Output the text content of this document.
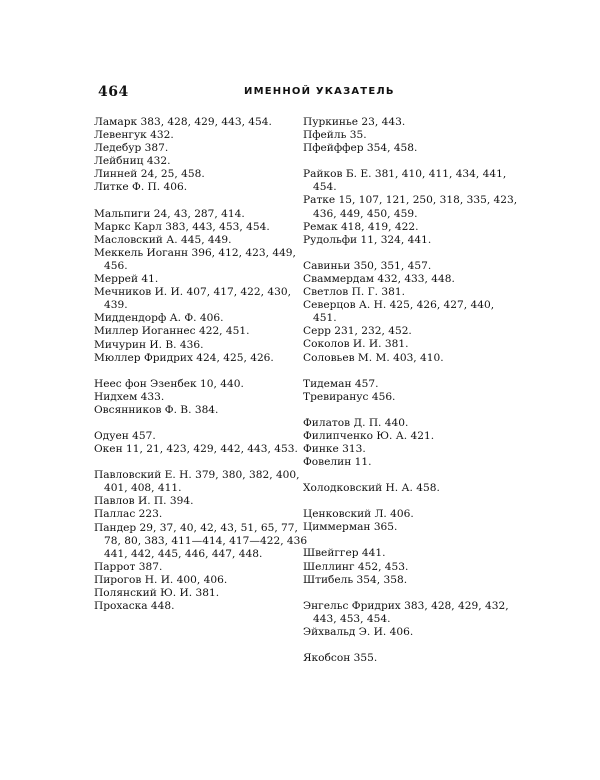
464	ИМЕННОЙ УКАЗАТЕЛЬ
Ламарк 383, 428, 429, 443, 454.
Левенгук 432.
Ледебур 387.
Лейбниц 432.
Линней 24, 25, 458.
Литке Ф. П. 406.
Мальпиги 24, 43, 287, 414.
Маркс Карл 383, 443, 453, 454.
Масловский А. 445, 449.
Меккель Иоганн 396, 412, 423, 449, 456.
Меррей 41.
Мечников И. И. 407, 417, 422, 430, 439.
Миддендорф А. Ф. 406.
Миллер Иоганнес 422, 451.
Мичурин И. В. 436.
Мюллер Фридрих 424, 425, 426.
Неес фон Эзенбек 10, 440.
Нидхем 433.
Овсянников Ф. В. 384.
Одуен 457.
Окен 11, 21, 423, 429, 442, 443, 453.
Павловский Е. Н. 379, 380, 382, 400, 401, 408, 411.
Павлов И. П. 394.
Паллас 223.
Пандер 29, 37, 40, 42, 43, 51, 65, 77, 78, 80, 383, 411—414, 417—422, 436 441, 442, 445, 446, 447, 448.
Паррот 387.
Пирогов Н. И. 400, 406.
Полянский Ю. И. 381.
Прохаска 448.
Пуркинье 23, 443.
Пфейль 35.
Пфейффер 354, 458.
Райков Б. Е. 381, 410, 411, 434, 441, 454.
Ратке 15, 107, 121, 250, 318, 335, 423, 436, 449, 450, 459.
Ремак 418, 419, 422.
Рудольфи 11, 324, 441.
Савиньи 350, 351, 457.
Сваммердам 432, 433, 448.
Светлов П. Г. 381.
Северцов А. Н. 425, 426, 427, 440, 451.
Серр 231, 232, 452.
Соколов И. И. 381.
Соловьев М. М. 403, 410.
Тидеман 457.
Тревиранус 456.
Филатов Д. П. 440.
Филипченко Ю. А. 421.
Финке 313.
Фовелин 11.
Холодковский Н. А. 458.
Ценковский Л. 406.
Циммерман 365.
Швейггер 441.
Шеллинг 452, 453.
Штибель 354, 358.
Энгельс Фридрих 383, 428, 429, 432, 443, 453, 454.
Эйхвальд Э. И. 406.
Якобсон 355.
